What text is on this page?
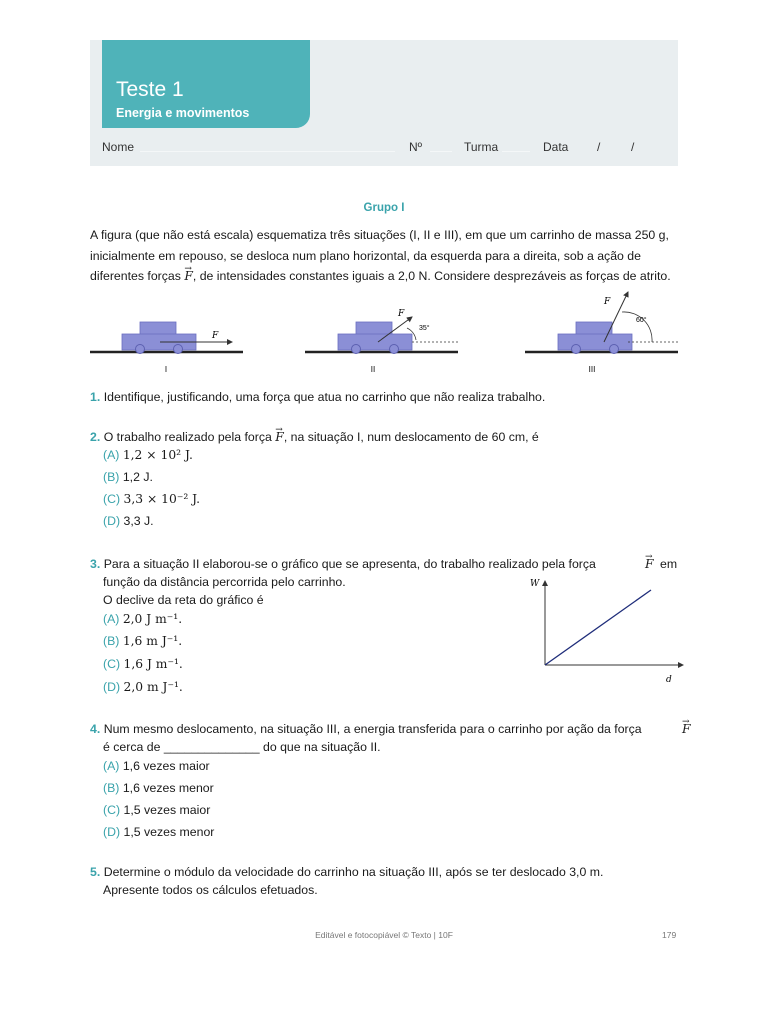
Teste 1
Energia e movimentos
Nome	Nº	Turma	Data /	/
Grupo I
A figura (que não está escala) esquematiza três situações (I, II e III), em que um carrinho de massa 250 g,
inicialmente em repouso, se desloca num plano horizontal, da esquerda para a direita, sob a ação de
diferentes forças → F, de intensidades constantes iguais a 2,0 N. Considere desprezáveis as forças de atrito.
F
I
F
35°
II
F
60°
III
1. Identifique, justificando, uma força que atua no carrinho que não realiza trabalho.
2. O trabalho realizado pela força → F, na situação I, num deslocamento de 60 cm, é
(A) 1,2 × 10² J.
(B) 1,2 J.
(C) 3,3 × 10⁻² J.
(D) 3,3 J.
3. Para a situação II elaborou-se o gráfico que se apresenta, do trabalho realizado pela força	→ $_F$ em
função da distância percorrida pelo carrinho.
O declive da reta do gráfico é
(A) 2,0 J m⁻¹.
(B) 1,6 m J⁻¹.
(C) 1,6 J m⁻¹.
(D) 2,0 m J⁻¹.
W
d
4. Num mesmo deslocamento, na situação III, a energia transferida para o carrinho por ação da força	→ $_F$
é cerca de ______________ do que na situação II.
(A) 1,6 vezes maior
(B) 1,6 vezes menor
(C) 1,5 vezes maior
(D) 1,5 vezes menor
5. Determine o módulo da velocidade do carrinho na situação III, após se ter deslocado 3,0 m.
Apresente todos os cálculos efetuados.
Editável e fotocopiável © Texto | 10F	179
